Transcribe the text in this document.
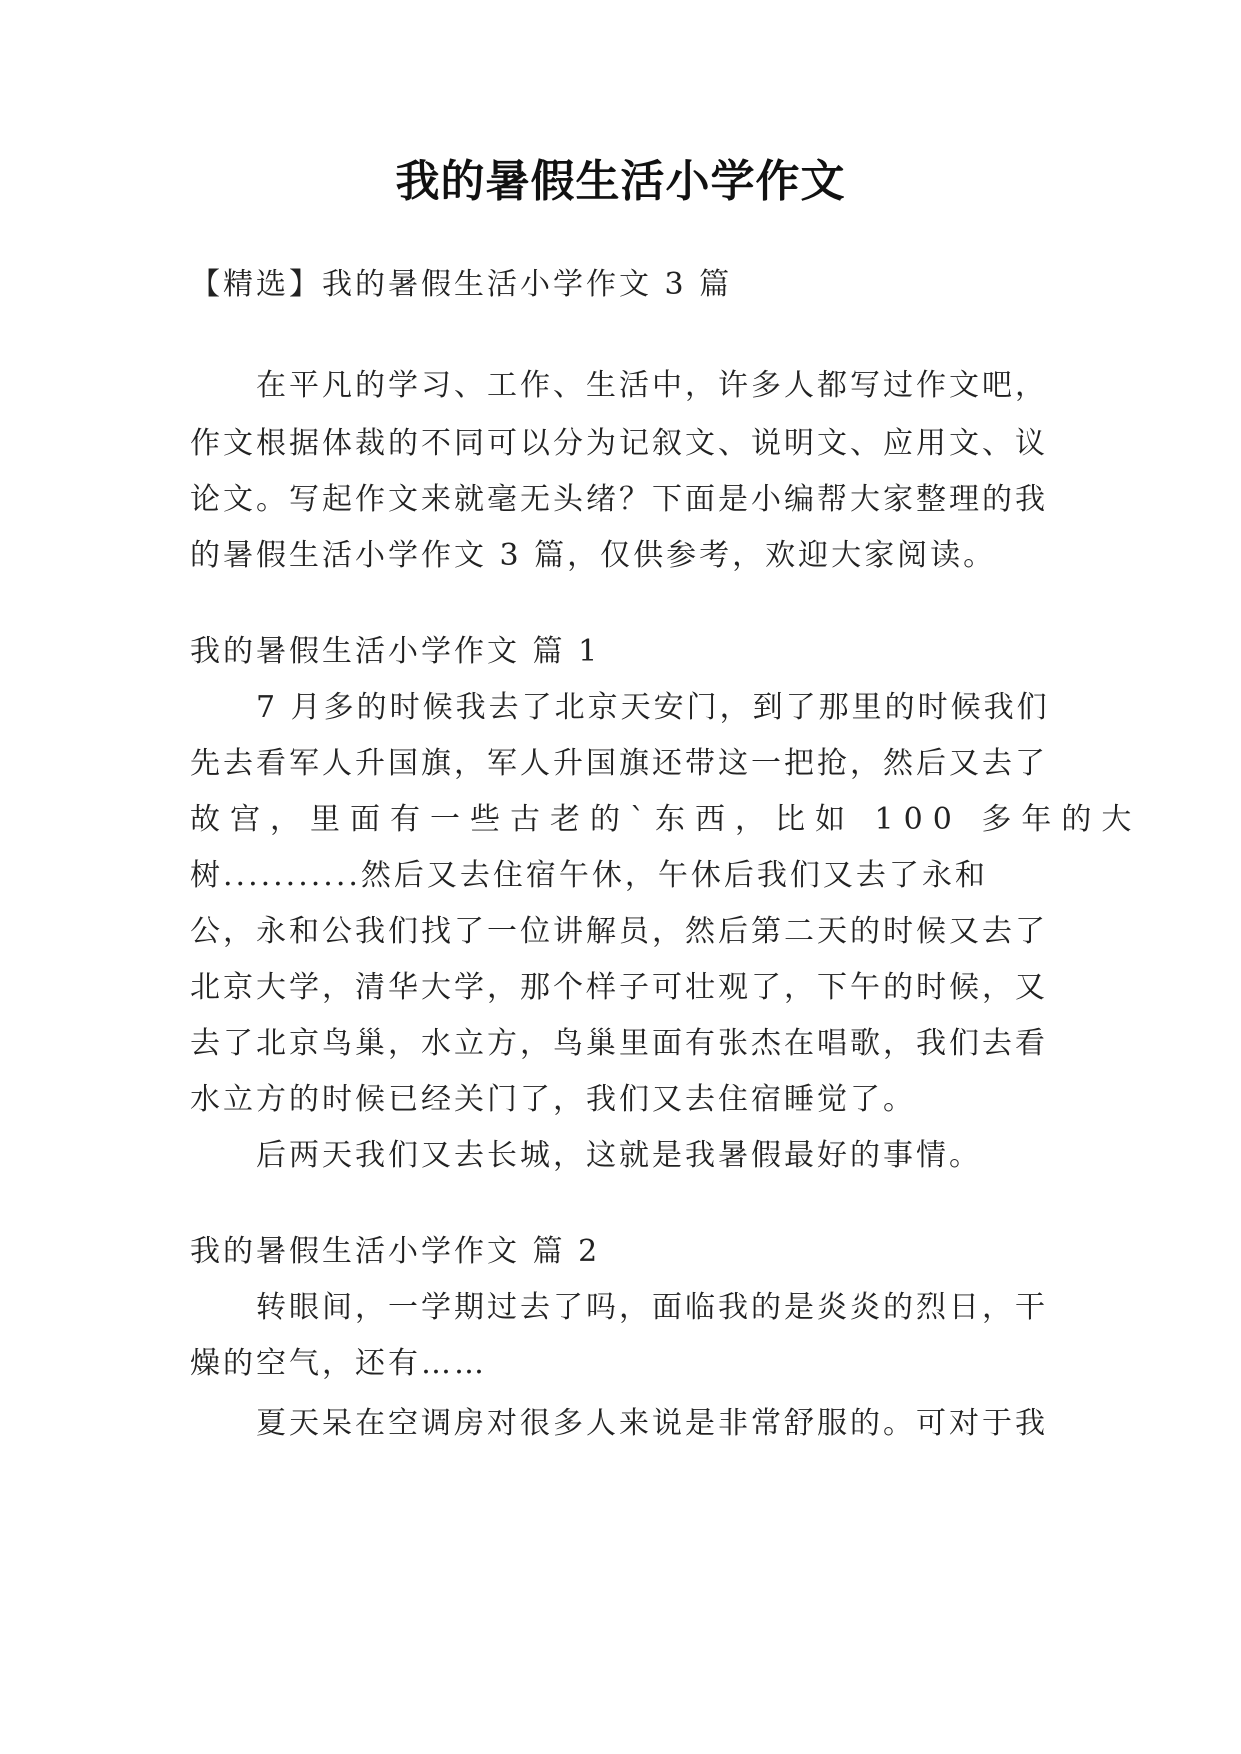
我的暑假生活小学作文
【精选】我的暑假生活小学作文 3 篇
在平凡的学习、工作、生活中，许多人都写过作文吧，
作文根据体裁的不同可以分为记叙文、说明文、应用文、议
论文。写起作文来就毫无头绪？下面是小编帮大家整理的我
的暑假生活小学作文 3 篇，仅供参考，欢迎大家阅读。
我的暑假生活小学作文 篇 1
7 月多的时候我去了北京天安门，到了那里的时候我们
先去看军人升国旗，军人升国旗还带这一把抢，然后又去了
故宫，里面有一些古老的`东西，比如 100 多年的大
树...........然后又去住宿午休，午休后我们又去了永和
公，永和公我们找了一位讲解员，然后第二天的时候又去了
北京大学，清华大学，那个样子可壮观了，下午的时候，又
去了北京鸟巢，水立方，鸟巢里面有张杰在唱歌，我们去看
水立方的时候已经关门了，我们又去住宿睡觉了。
后两天我们又去长城，这就是我暑假最好的事情。
我的暑假生活小学作文 篇 2
转眼间，一学期过去了吗，面临我的是炎炎的烈日，干
燥的空气，还有……
夏天呆在空调房对很多人来说是非常舒服的。可对于我
